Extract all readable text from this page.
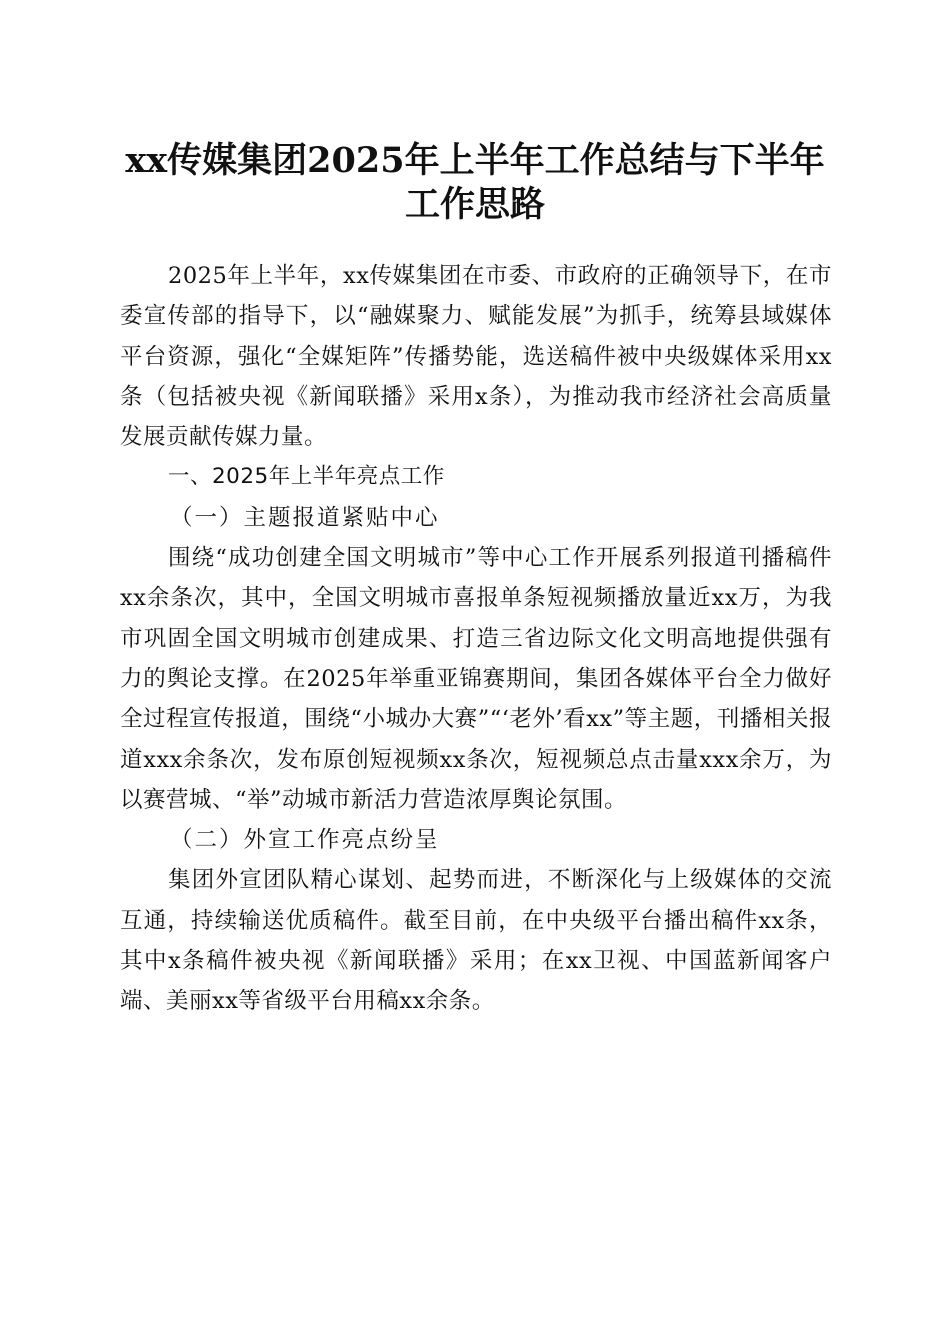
xx传媒集团2025年上半年工作总结与下半年
工作思路

2025年上半年，xx传媒集团在市委、市政府的正确领导下，在市委宣传部的指导下，以“融媒聚力、赋能发展”为抓手，统筹县域媒体平台资源，强化“全媒矩阵”传播势能，选送稿件被中央级媒体采用xx条（包括被央视《新闻联播》采用x条），为推动我市经济社会高质量发展贡献传媒力量。

一、2025年上半年亮点工作

（一）主题报道紧贴中心

围绕“成功创建全国文明城市”等中心工作开展系列报道刊播稿件xx余条次，其中，全国文明城市喜报单条短视频播放量近xx万，为我市巩固全国文明城市创建成果、打造三省边际文化文明高地提供强有力的舆论支撑。在2025年举重亚锦赛期间，集团各媒体平台全力做好全过程宣传报道，围绕“小城办大赛”“‘老外’看xx”等主题，刊播相关报道xxx余条次，发布原创短视频xx条次，短视频总点击量xxx余万，为以赛营城、“举”动城市新活力营造浓厚舆论氛围。

（二）外宣工作亮点纷呈

集团外宣团队精心谋划、起势而进，不断深化与上级媒体的交流互通，持续输送优质稿件。截至目前，在中央级平台播出稿件xx条，其中x条稿件被央视《新闻联播》采用；在xx卫视、中国蓝新闻客户端、美丽xx等省级平台用稿xx余条。
